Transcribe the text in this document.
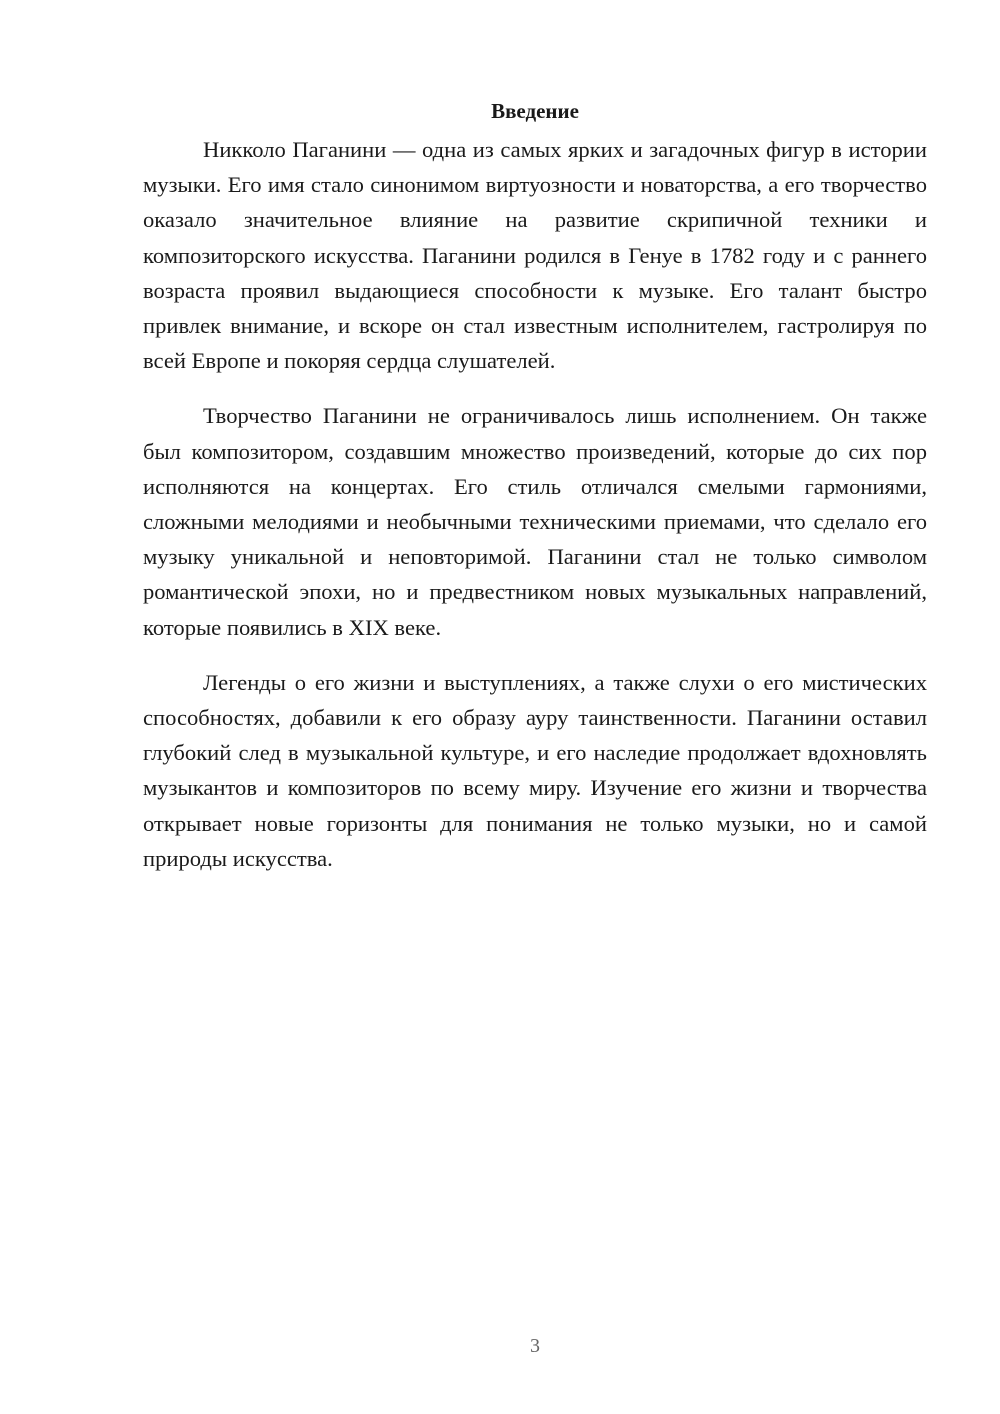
Введение

Никколо Паганини — одна из самых ярких и загадочных фигур в истории музыки. Его имя стало синонимом виртуозности и новаторства, а его творчество оказало значительное влияние на развитие скрипичной техники и композиторского искусства. Паганини родился в Генуе в 1782 году и с раннего возраста проявил выдающиеся способности к музыке. Его талант быстро привлек внимание, и вскоре он стал известным исполнителем, гастролируя по всей Европе и покоряя сердца слушателей.

Творчество Паганини не ограничивалось лишь исполнением. Он также был композитором, создавшим множество произведений, которые до сих пор исполняются на концертах. Его стиль отличался смелыми гармониями, сложными мелодиями и необычными техническими приемами, что сделало его музыку уникальной и неповторимой. Паганини стал не только символом романтической эпохи, но и предвестником новых музыкальных направлений, которые появились в XIX веке.

Легенды о его жизни и выступлениях, а также слухи о его мистических способностях, добавили к его образу ауру таинственности. Паганини оставил глубокий след в музыкальной культуре, и его наследие продолжает вдохновлять музыкантов и композиторов по всему миру. Изучение его жизни и творчества открывает новые горизонты для понимания не только музыки, но и самой природы искусства.

3
